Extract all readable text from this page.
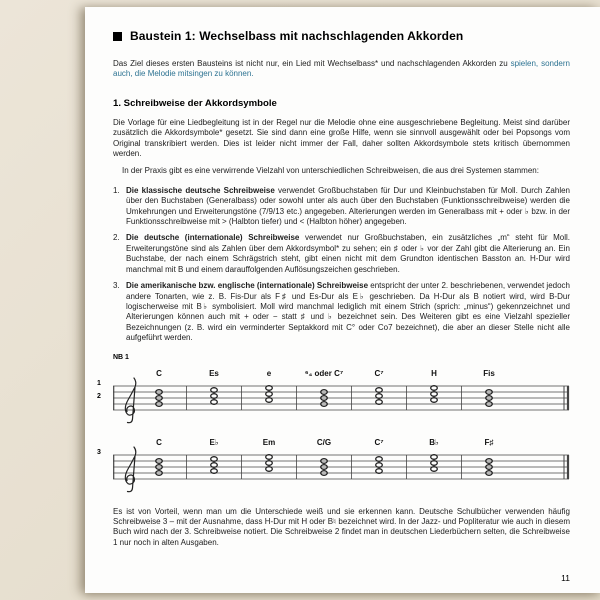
Baustein 1: Wechselbass mit nachschlagenden Akkorden

Das Ziel dieses ersten Bausteins ist nicht nur, ein Lied mit Wechselbass* und nachschlagenden Akkorden zu spielen, sondern auch, die Melodie mitsingen zu können.

1. Schreibweise der Akkordsymbole

Die Vorlage für eine Liedbegleitung ist in der Regel nur die Melodie ohne eine ausgeschriebene Begleitung. Meist sind darüber zusätzlich die Akkordsymbole* gesetzt. Sie sind dann eine große Hilfe, wenn sie sinnvoll ausgewählt oder bei Popsongs vom Original transkribiert werden. Dies ist leider nicht immer der Fall, daher sollten Akkordsymbole stets kritisch übernommen werden.

In der Praxis gibt es eine verwirrende Vielzahl von unterschiedlichen Schreibweisen, die aus drei Systemen stammen:

1. Die klassische deutsche Schreibweise verwendet Großbuchstaben für Dur und Kleinbuchstaben für Moll. Durch Zahlen über den Buchstaben (Generalbass) oder sowohl unter als auch über den Buchstaben (Funktionsschreibweise) werden die Umkehrungen und Erweiterungstöne (7/9/13 etc.) angegeben. Alterierungen werden im Generalbass mit + oder ♭ bzw. in der Funktionsschreibweise mit > (Halbton tiefer) und < (Halbton höher) angegeben.
2. Die deutsche (internationale) Schreibweise verwendet nur Großbuchstaben, ein zusätzliches „m“ steht für Moll. Erweiterungstöne sind als Zahlen über dem Akkordsymbol* zu sehen; ein ♯ oder ♭ vor der Zahl gibt die Alterierung an. Ein Buchstabe, der nach einem Schrägstrich steht, gibt einen nicht mit dem Grundton identischen Basston an. H-Dur wird manchmal mit B und einem darauffolgenden Auflösungszeichen geschrieben.
3. Die amerikanische bzw. englische (internationale) Schreibweise entspricht der unter 2. beschriebenen, verwendet jedoch andere Tonarten, wie z. B. Fis-Dur als F♯ und Es-Dur als E♭ geschrieben. Da H-Dur als B notiert wird, wird B-Dur logischerweise mit B♭ symbolisiert. Moll wird manchmal lediglich mit einem Strich (sprich: „minus“) gekennzeichnet und Alterierungen können auch mit + oder − statt ♯ und ♭ bezeichnet sein. Des Weiteren gibt es eine Vielzahl spezieller Bezeichnungen (z. B. wird ein verminderter Septakkord mit C° oder Co7 bezeichnet), die aber an dieser Stelle nicht alle aufgeführt werden.
NB 1
1
2
C	Es	e	⁶₄ oder C⁷	C⁷	H	Fis
3
C	E♭	Em	C/G	C⁷	B♭	F♯

Es ist von Vorteil, wenn man um die Unterschiede weiß und sie erkennen kann. Deutsche Schulbücher verwenden häufig Schreibweise 3 – mit der Ausnahme, dass H-Dur mit H oder B♮ bezeichnet wird. In der Jazz- und Popliteratur wie auch in diesem Buch wird nach der 3. Schreibweise notiert. Die Schreibweise 2 findet man in deutschen Liederbüchern selten, die Schreibweise 1 nur noch in alten Ausgaben.

11
